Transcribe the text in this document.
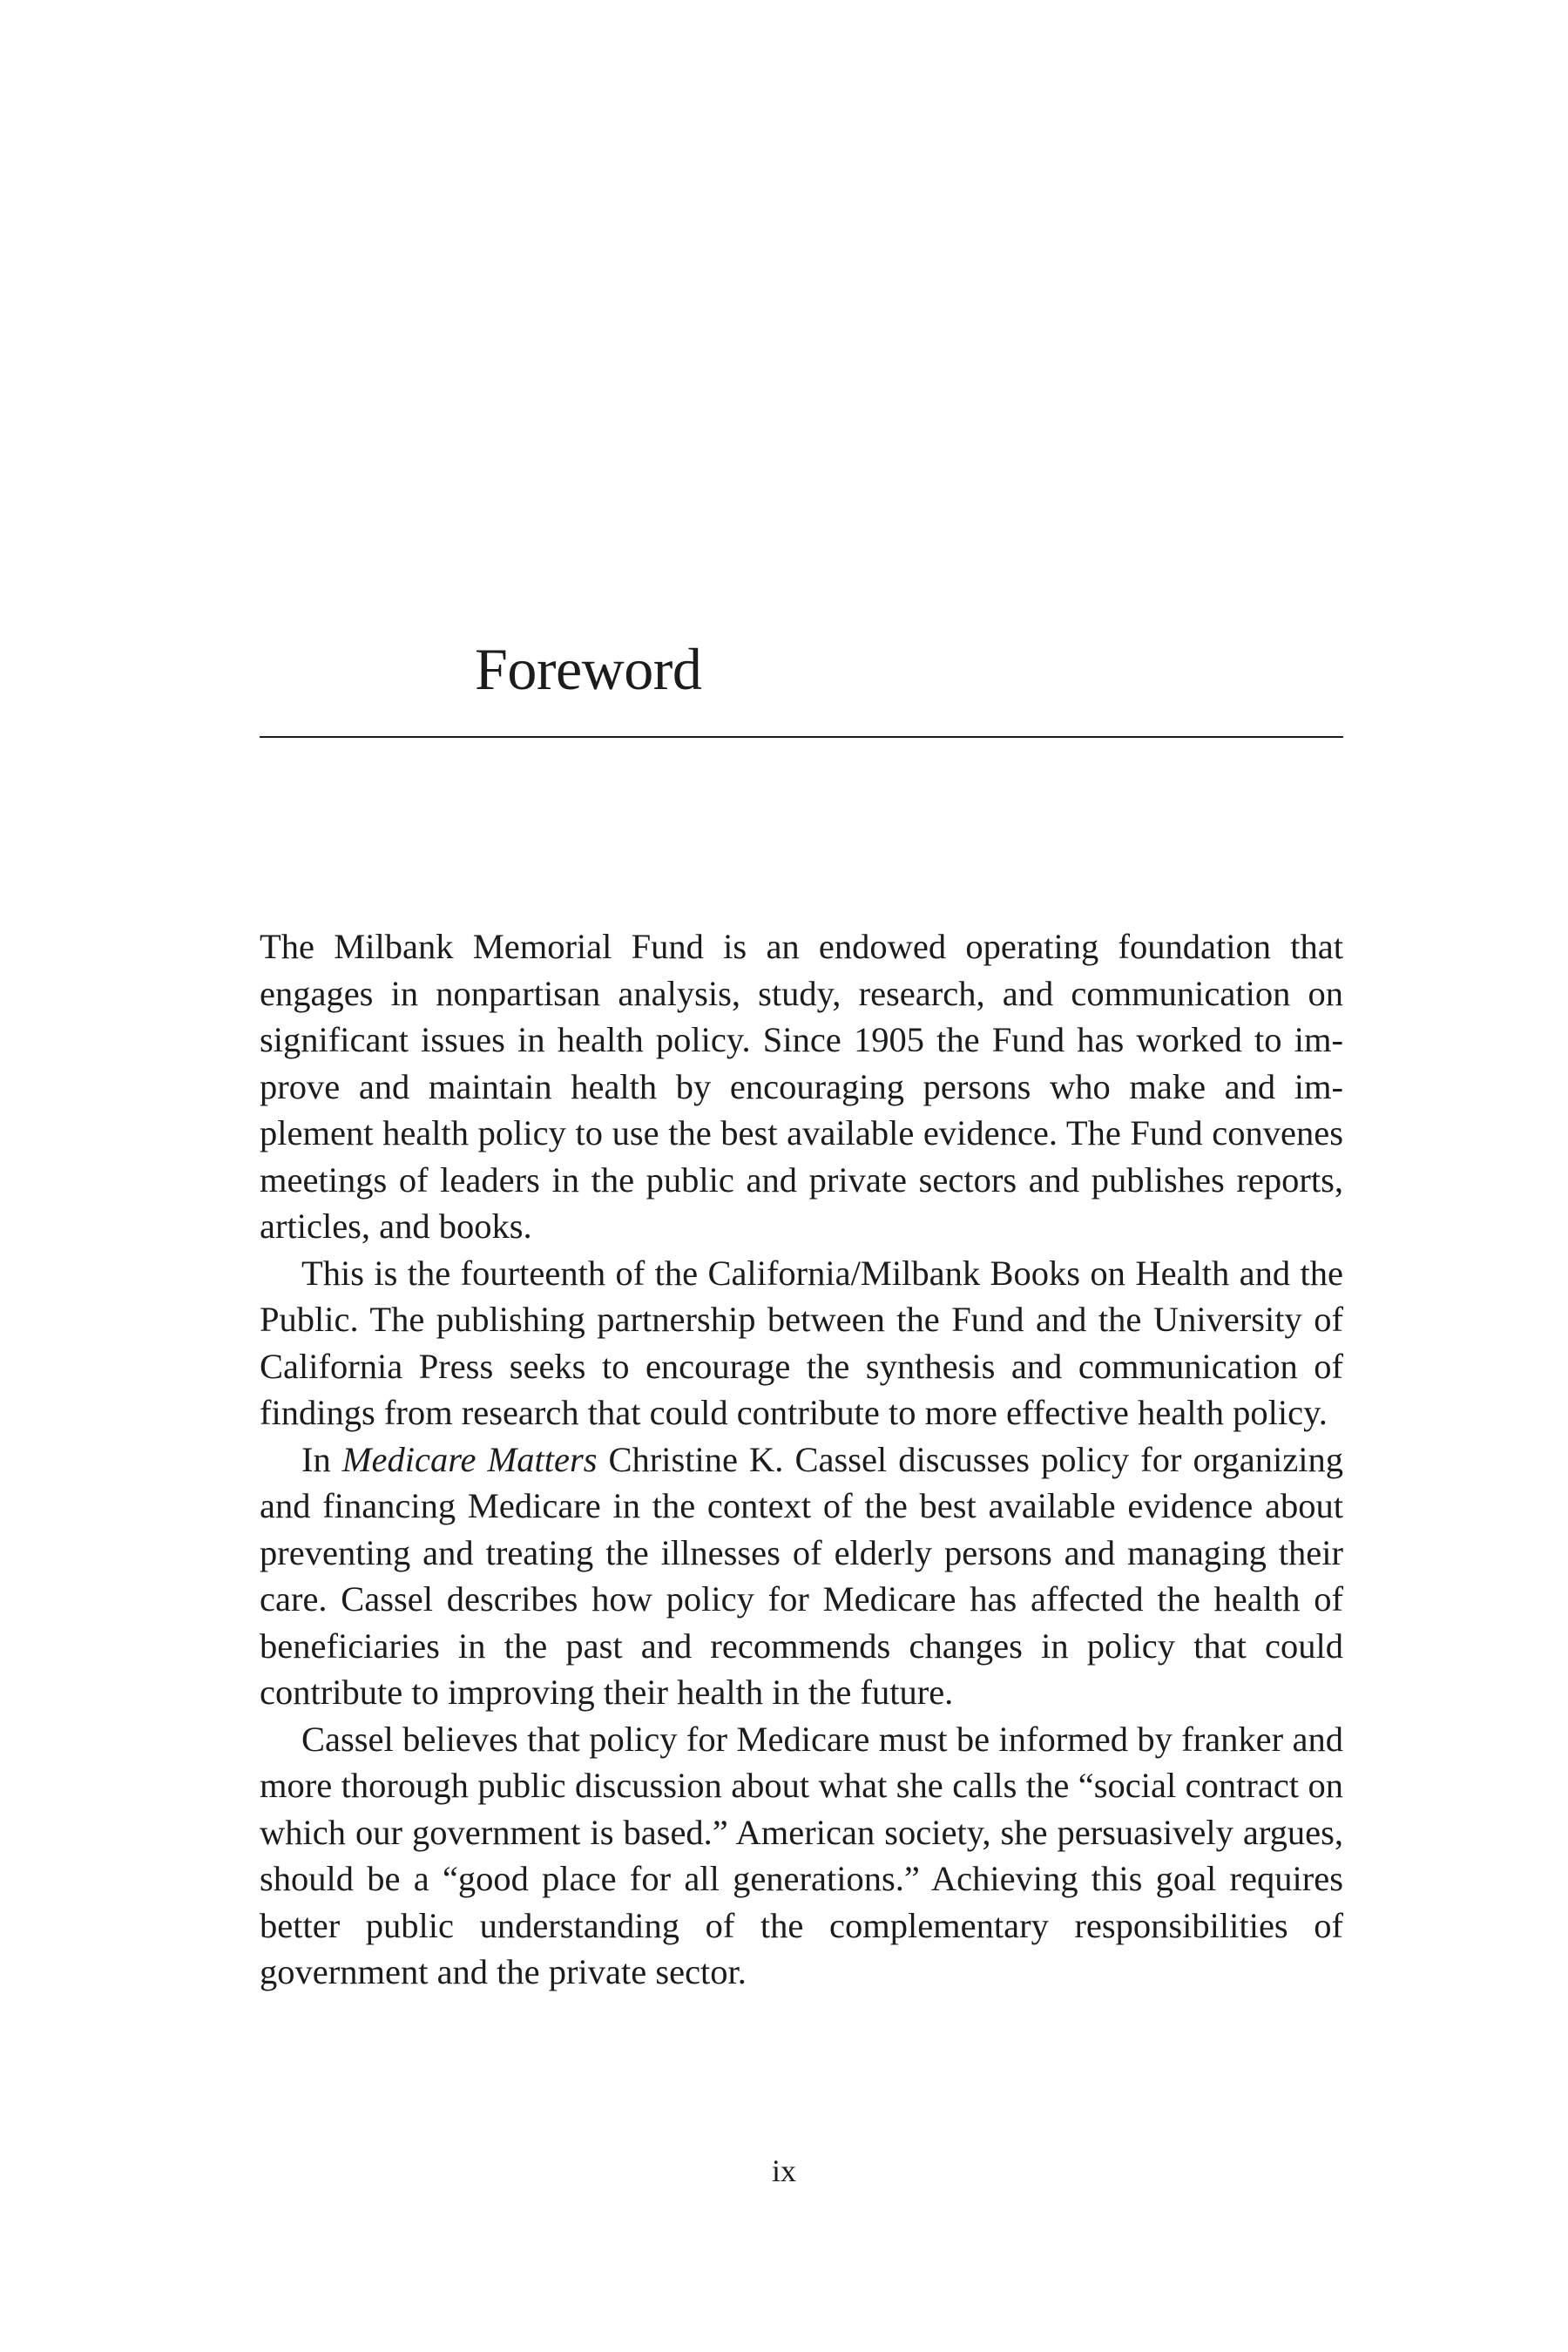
Foreword

The Milbank Memorial Fund is an endowed operating foundation that engages in nonpartisan analysis, study, research, and communication on significant issues in health policy. Since 1905 the Fund has worked to improve and maintain health by encouraging persons who make and implement health policy to use the best available evidence. The Fund convenes meetings of leaders in the public and private sectors and publishes reports, articles, and books.

This is the fourteenth of the California/Milbank Books on Health and the Public. The publishing partnership between the Fund and the University of California Press seeks to encourage the synthesis and communication of findings from research that could contribute to more effective health policy.

In Medicare Matters Christine K. Cassel discusses policy for organizing and financing Medicare in the context of the best available evidence about preventing and treating the illnesses of elderly persons and managing their care. Cassel describes how policy for Medicare has affected the health of beneficiaries in the past and recommends changes in policy that could contribute to improving their health in the future.

Cassel believes that policy for Medicare must be informed by franker and more thorough public discussion about what she calls the “social contract on which our government is based.” American society, she persuasively argues, should be a “good place for all generations.” Achieving this goal requires better public understanding of the complementary responsibilities of government and the private sector.

ix
